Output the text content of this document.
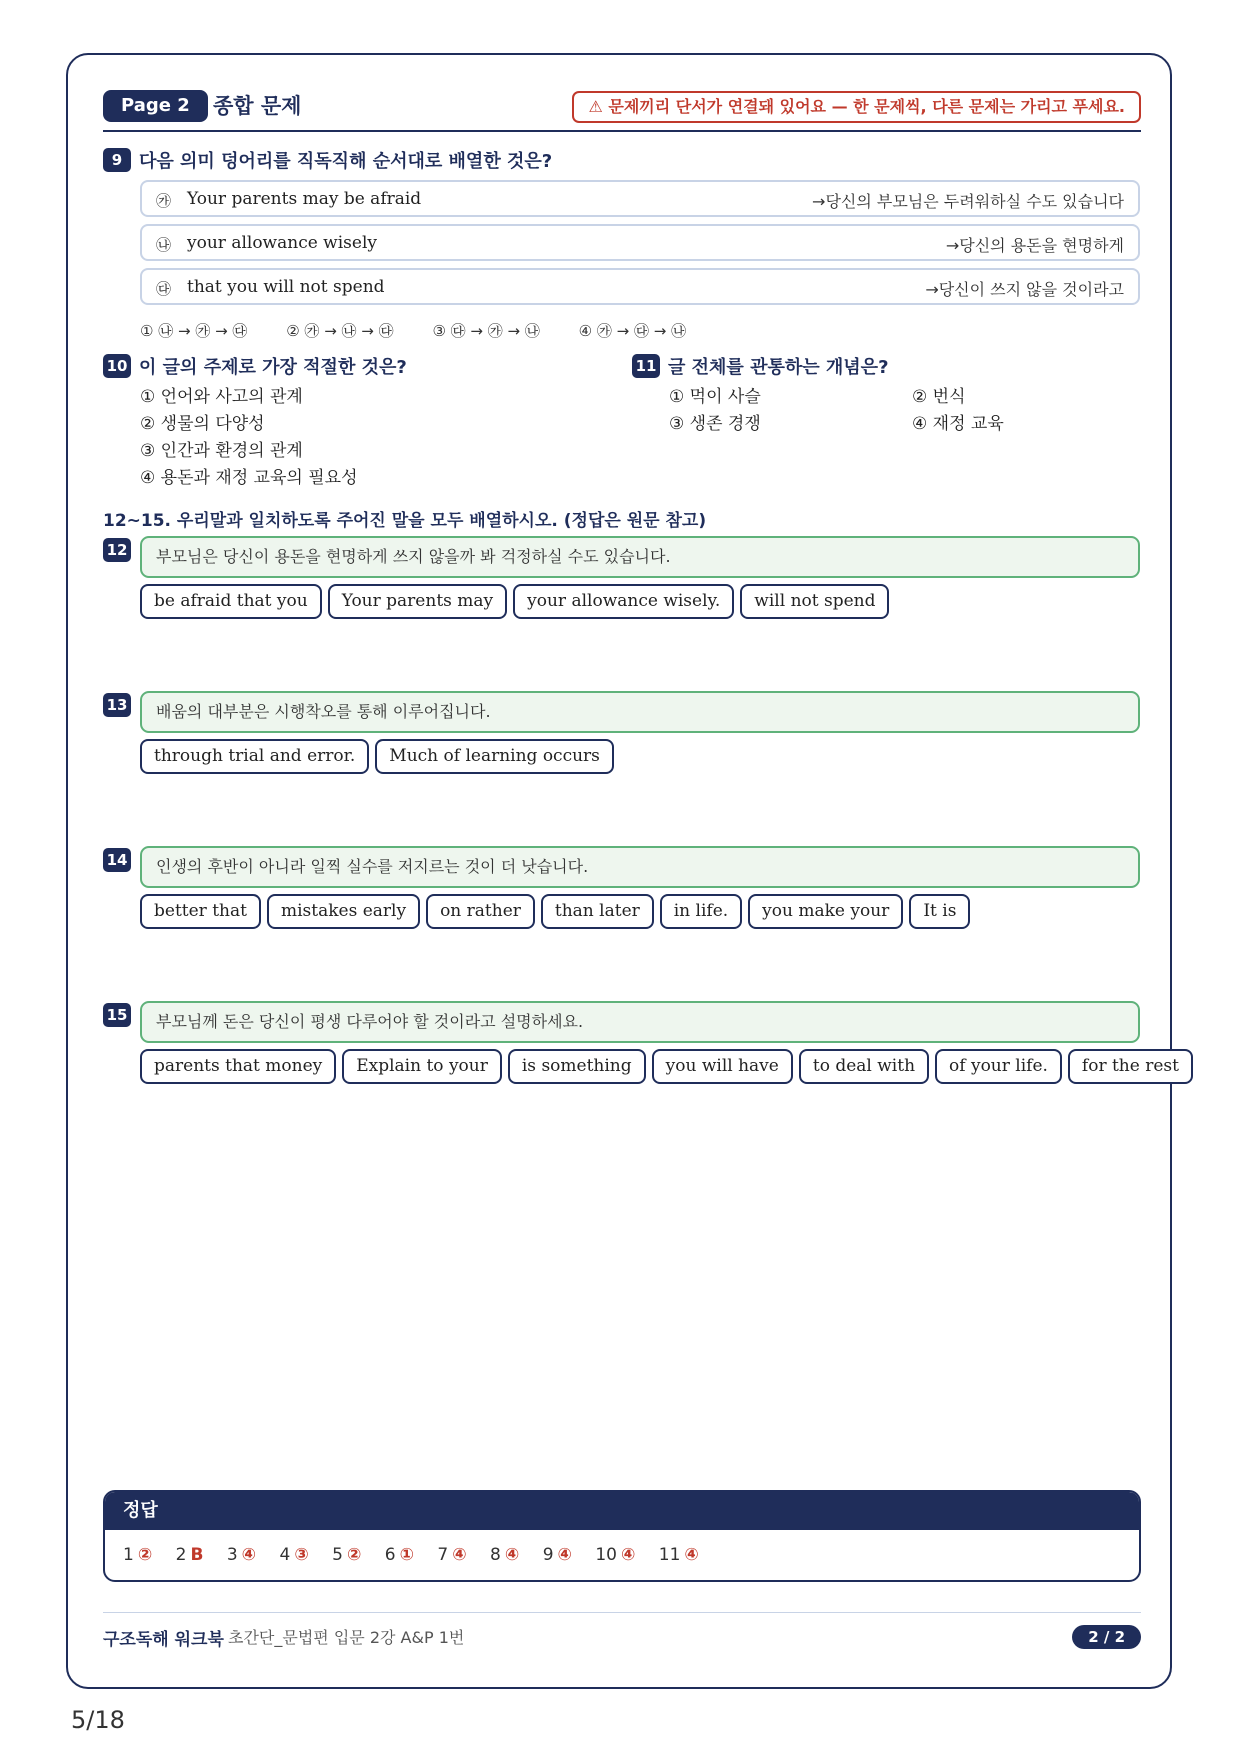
Page 2	종합 문제	⚠ 문제끼리 단서가 연결돼 있어요 — 한 문제씩, 다른 문제는 가리고 푸세요.
9 다음 의미 덩어리를 직독직해 순서대로 배열한 것은?
㉮ Your parents may be afraid	→당신의 부모님은 두려워하실 수도 있습니다
㉯ your allowance wisely	→당신의 용돈을 현명하게
㉰ that you will not spend	→당신이 쓰지 않을 것이라고
① ㉯ → ㉮ → ㉰	② ㉮ → ㉯ → ㉰	③ ㉰ → ㉮ → ㉯	④ ㉮ → ㉰ → ㉯
10 이 글의 주제로 가장 적절한 것은?
① 언어와 사고의 관계
② 생물의 다양성
③ 인간과 환경의 관계
④ 용돈과 재정 교육의 필요성
11 글 전체를 관통하는 개념은?
① 먹이 사슬
③ 생존 경쟁
② 번식
④ 재정 교육
12~15. 우리말과 일치하도록 주어진 말을 모두 배열하시오. (정답은 원문 참고)
12	부모님은 당신이 용돈을 현명하게 쓰지 않을까 봐 걱정하실 수도 있습니다.
be afraid that you	Your parents may	your allowance wisely.	will not spend
13	배움의 대부분은 시행착오를 통해 이루어집니다.
through trial and error.	Much of learning occurs
14	인생의 후반이 아니라 일찍 실수를 저지르는 것이 더 낫습니다.
better that	mistakes early	on rather	than later	in life.	you make your	It is
15	부모님께 돈은 당신이 평생 다루어야 할 것이라고 설명하세요.
parents that money	Explain to your	is something	you will have	to deal with	of your life.	for the rest
정답
1 ② 2 B 3 ④ 4 ③ 5 ② 6 ① 7 ④ 8 ④ 9 ④ 10 ④ 11 ④
구조독해 워크북 초간단_문법편 입문 2강 A&P 1번	2 / 2
5/18
